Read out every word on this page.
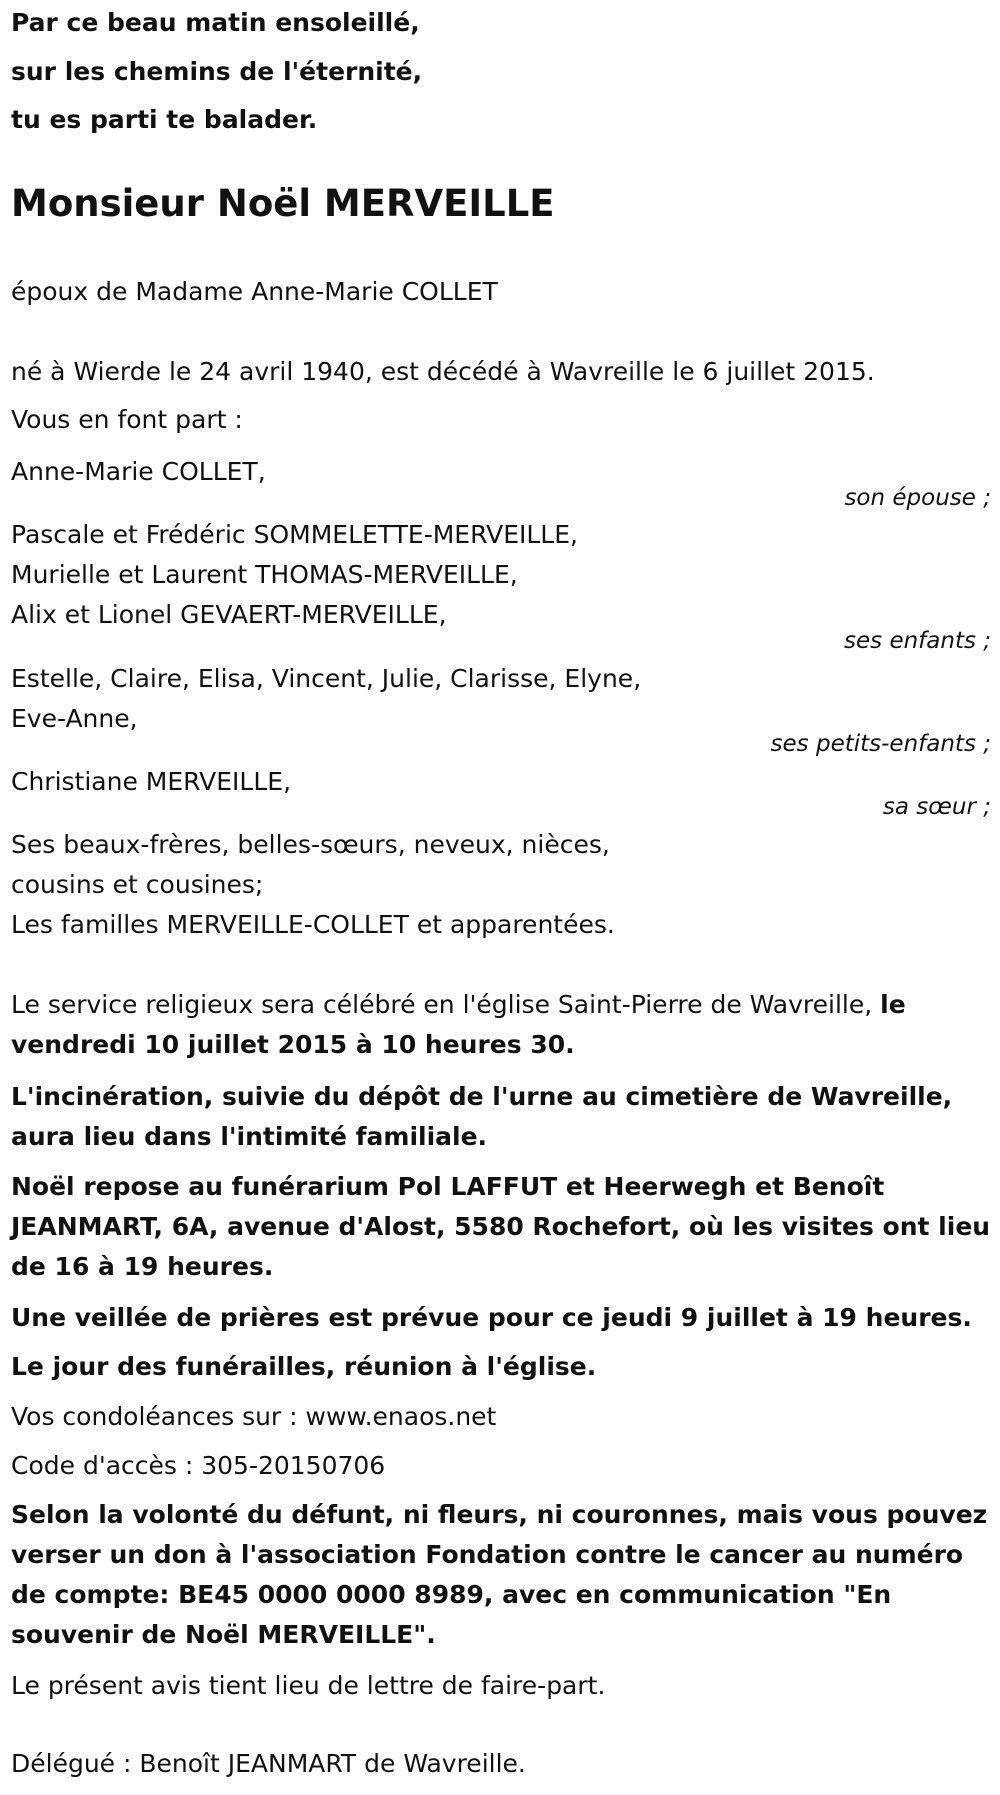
Par ce beau matin ensoleillé,
sur les chemins de l'éternité,
tu es parti te balader.
Monsieur Noël MERVEILLE
époux de Madame Anne-Marie COLLET
né à Wierde le 24 avril 1940, est décédé à Wavreille le 6 juillet 2015.
Vous en font part :
Anne-Marie COLLET,
son épouse ;
Pascale et Frédéric SOMMELETTE-MERVEILLE,
Murielle et Laurent THOMAS-MERVEILLE,
Alix et Lionel GEVAERT-MERVEILLE,
ses enfants ;
Estelle, Claire, Elisa, Vincent, Julie, Clarisse, Elyne,
Eve-Anne,
ses petits-enfants ;
Christiane MERVEILLE,
sa sœur ;
Ses beaux-frères, belles-sœurs, neveux, nièces,
cousins et cousines;
Les familles MERVEILLE-COLLET et apparentées.
Le service religieux sera célébré en l'église Saint-Pierre de Wavreille, le
vendredi 10 juillet 2015 à 10 heures 30.
L'incinération, suivie du dépôt de l'urne au cimetière de Wavreille,
aura lieu dans l'intimité familiale.
Noël repose au funérarium Pol LAFFUT et Heerwegh et Benoît
JEANMART, 6A, avenue d'Alost, 5580 Rochefort, où les visites ont lieu
de 16 à 19 heures.
Une veillée de prières est prévue pour ce jeudi 9 juillet à 19 heures.
Le jour des funérailles, réunion à l'église.
Vos condoléances sur : www.enaos.net
Code d'accès : 305-20150706
Selon la volonté du défunt, ni fleurs, ni couronnes, mais vous pouvez
verser un don à l'association Fondation contre le cancer au numéro
de compte: BE45 0000 0000 8989, avec en communication "En
souvenir de Noël MERVEILLE".
Le présent avis tient lieu de lettre de faire-part.
Délégué : Benoît JEANMART de Wavreille.
